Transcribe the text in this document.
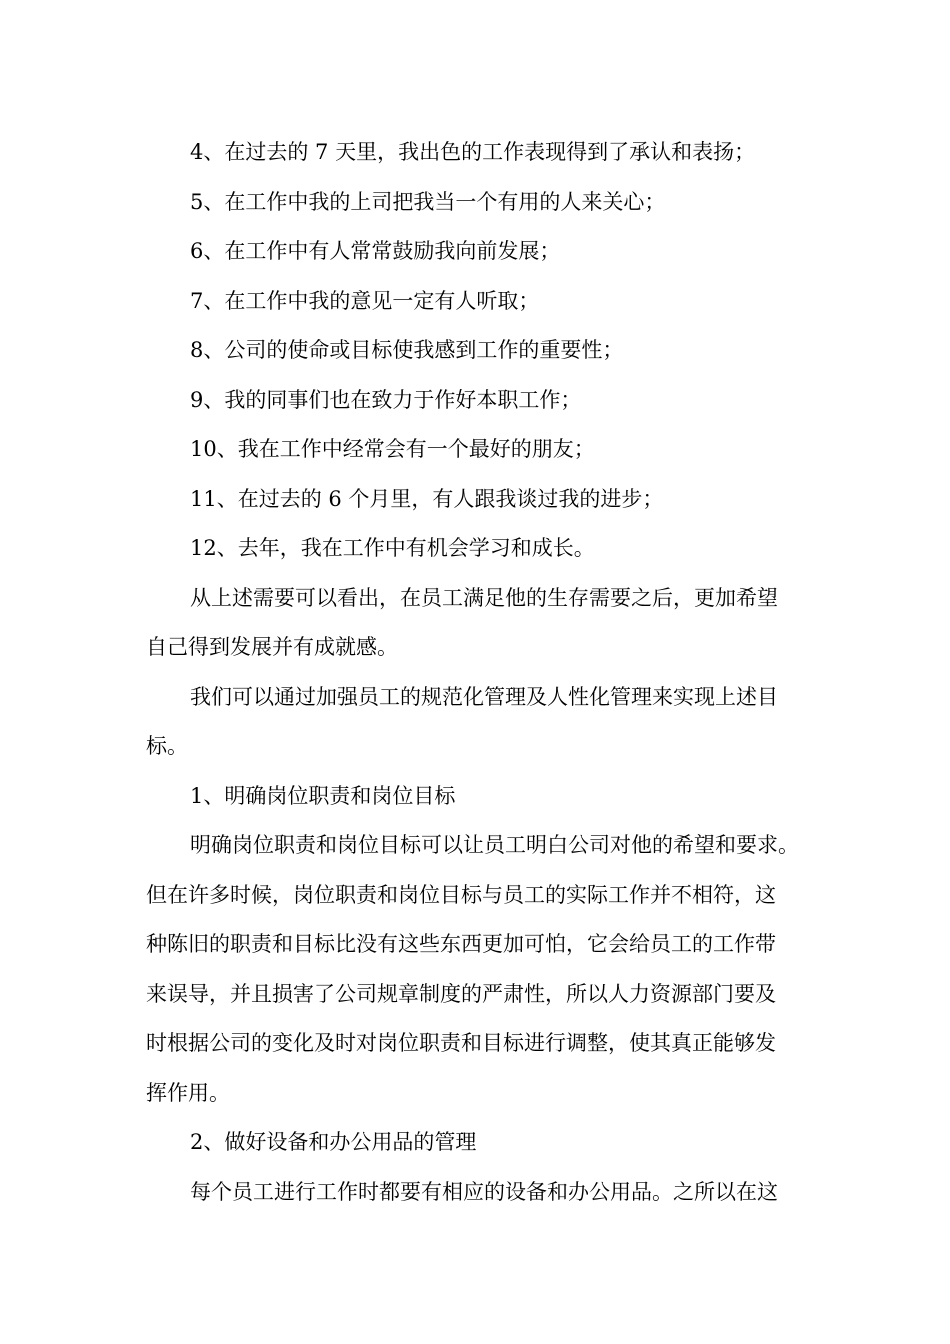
4、在过去的 7 天里，我出色的工作表现得到了承认和表扬；
5、在工作中我的上司把我当一个有用的人来关心；
6、在工作中有人常常鼓励我向前发展；
7、在工作中我的意见一定有人听取；
8、公司的使命或目标使我感到工作的重要性；
9、我的同事们也在致力于作好本职工作；
10、我在工作中经常会有一个最好的朋友；
11、在过去的 6 个月里，有人跟我谈过我的进步；
12、去年，我在工作中有机会学习和成长。
从上述需要可以看出，在员工满足他的生存需要之后，更加希望
自己得到发展并有成就感。
我们可以通过加强员工的规范化管理及人性化管理来实现上述目
标。
1、明确岗位职责和岗位目标
明确岗位职责和岗位目标可以让员工明白公司对他的希望和要求。
但在许多时候，岗位职责和岗位目标与员工的实际工作并不相符，这
种陈旧的职责和目标比没有这些东西更加可怕，它会给员工的工作带
来误导，并且损害了公司规章制度的严肃性，所以人力资源部门要及
时根据公司的变化及时对岗位职责和目标进行调整，使其真正能够发
挥作用。
2、做好设备和办公用品的管理
每个员工进行工作时都要有相应的设备和办公用品。之所以在这
